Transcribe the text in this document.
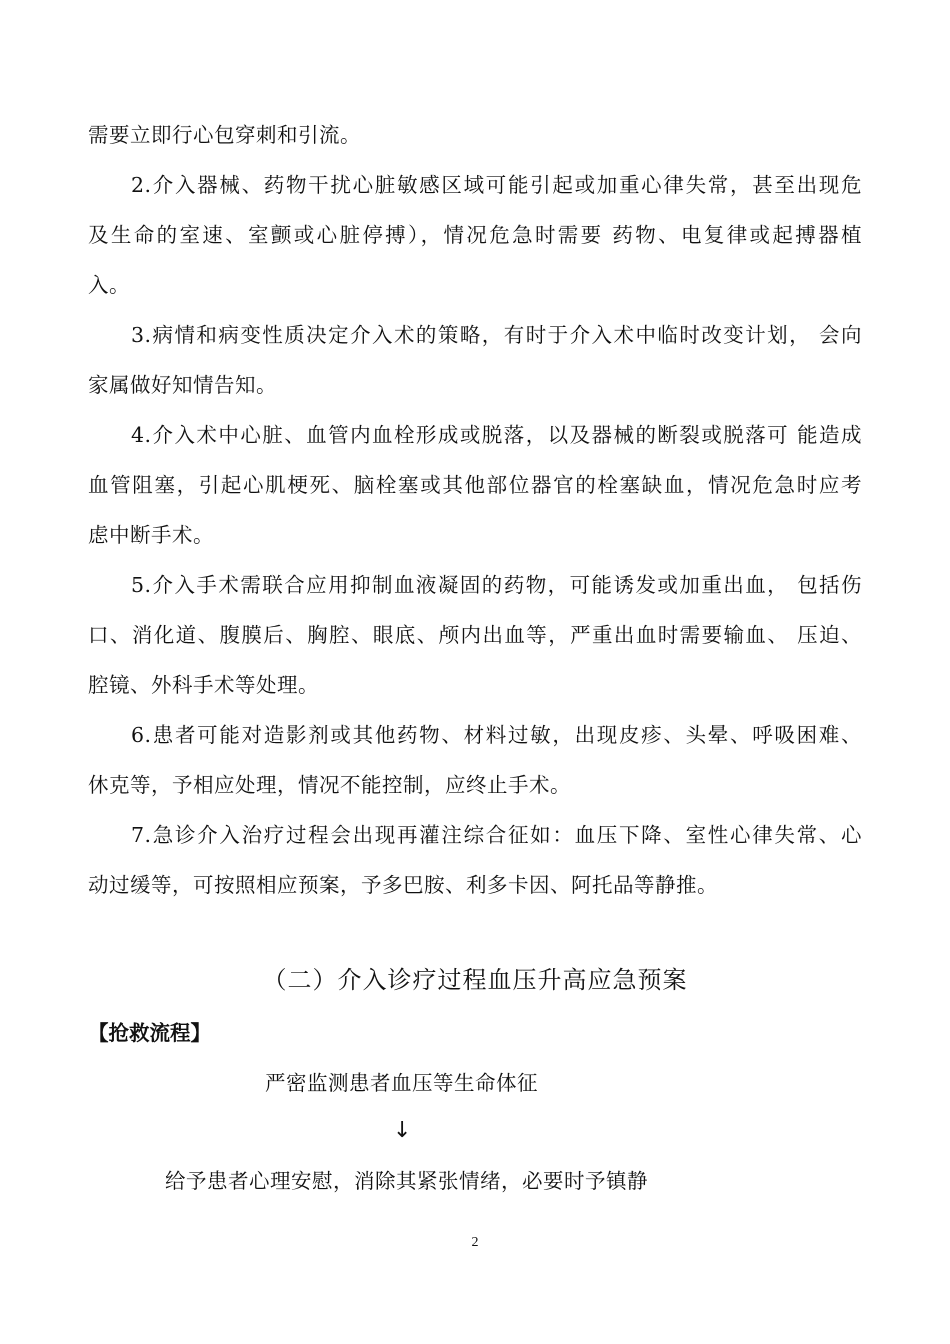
需要立即行心包穿刺和引流。
2.介入器械、药物干扰心脏敏感区域可能引起或加重心律失常，甚至出现危
及生命的室速、室颤或心脏停搏），情况危急时需要 药物、电复律或起搏器植
入。
3.病情和病变性质决定介入术的策略，有时于介入术中临时改变计划， 会向
家属做好知情告知。
4.介入术中心脏、血管内血栓形成或脱落，以及器械的断裂或脱落可 能造成
血管阻塞，引起心肌梗死、脑栓塞或其他部位器官的栓塞缺血，情况危急时应考
虑中断手术。
5.介入手术需联合应用抑制血液凝固的药物，可能诱发或加重出血， 包括伤
口、消化道、腹膜后、胸腔、眼底、颅内出血等，严重出血时需要输血、 压迫、
腔镜、外科手术等处理。
6.患者可能对造影剂或其他药物、材料过敏，出现皮疹、头晕、呼吸困难、
休克等，予相应处理，情况不能控制，应终止手术。
7.急诊介入治疗过程会出现再灌注综合征如：血压下降、室性心律失常、心
动过缓等，可按照相应预案，予多巴胺、利多卡因、阿托品等静推。
（二）介入诊疗过程血压升高应急预案
【抢救流程】
严密监测患者血压等生命体征
↓
给予患者心理安慰，消除其紧张情绪，必要时予镇静
2
